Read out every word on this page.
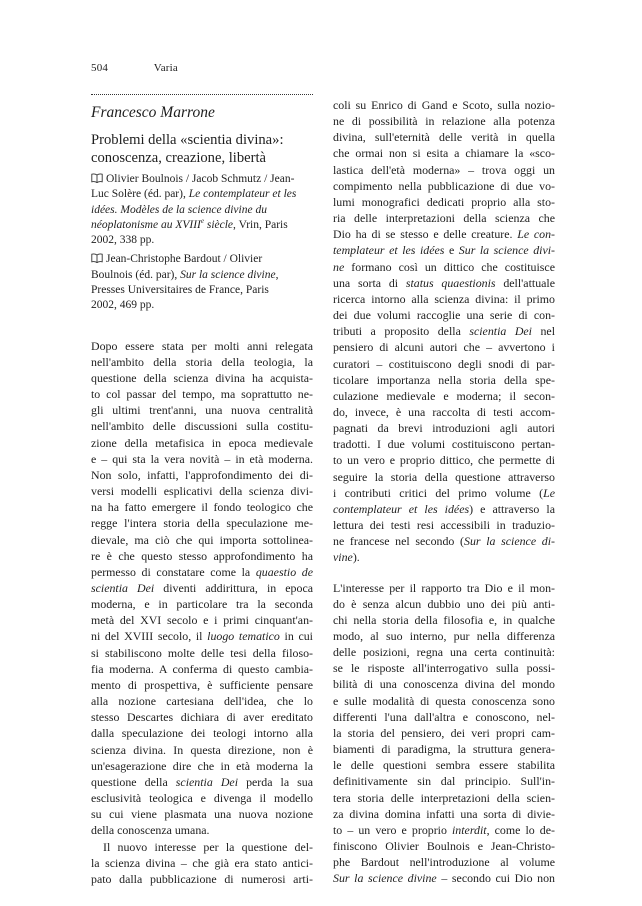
504	Varia

Francesco Marrone

Problemi della «scientia divina»:
conoscenza, creazione, libertà
Olivier Boulnois / Jacob Schmutz / Jean-
Luc Solère (éd. par), Le contemplateur et les
idées. Modèles de la science divine du
néoplatonisme au XVIIIe siècle, Vrin, Paris
2002, 338 pp.
Jean-Christophe Bardout / Olivier
Boulnois (éd. par), Sur la science divine,
Presses Universitaires de France, Paris
2002, 469 pp.
Dopo essere stata per molti anni relegata
nell'ambito della storia della teologia, la
questione della scienza divina ha acquista-
to col passar del tempo, ma soprattutto ne-
gli ultimi trent'anni, una nuova centralità
nell'ambito delle discussioni sulla costitu-
zione della metafisica in epoca medievale
e – qui sta la vera novità – in età moderna.
Non solo, infatti, l'approfondimento dei di-
versi modelli esplicativi della scienza divi-
na ha fatto emergere il fondo teologico che
regge l'intera storia della speculazione me-
dievale, ma ciò che qui importa sottolinea-
re è che questo stesso approfondimento ha
permesso di constatare come la quaestio de
scientia Dei diventi addirittura, in epoca
moderna, e in particolare tra la seconda
metà del XVI secolo e i primi cinquant'an-
ni del XVIII secolo, il luogo tematico in cui
si stabiliscono molte delle tesi della filoso-
fia moderna. A conferma di questo cambia-
mento di prospettiva, è sufficiente pensare
alla nozione cartesiana dell'idea, che lo
stesso Descartes dichiara di aver ereditato
dalla speculazione dei teologi intorno alla
scienza divina. In questa direzione, non è
un'esagerazione dire che in età moderna la
questione della scientia Dei perda la sua
esclusività teologica e divenga il modello
su cui viene plasmata una nuova nozione
della conoscenza umana.
Il nuovo interesse per la questione del-
la scienza divina – che già era stato antici-
pato dalla pubblicazione di numerosi arti-
coli su Enrico di Gand e Scoto, sulla nozio-
ne di possibilità in relazione alla potenza
divina, sull'eternità delle verità in quella
che ormai non si esita a chiamare la «sco-
lastica dell'età moderna» – trova oggi un
compimento nella pubblicazione di due vo-
lumi monografici dedicati proprio alla sto-
ria delle interpretazioni della scienza che
Dio ha di se stesso e delle creature. Le con-
templateur et les idées e Sur la science divi-
ne formano così un dittico che costituisce
una sorta di status quaestionis dell'attuale
ricerca intorno alla scienza divina: il primo
dei due volumi raccoglie una serie di con-
tributi a proposito della scientia Dei nel
pensiero di alcuni autori che – avvertono i
curatori – costituiscono degli snodi di par-
ticolare importanza nella storia della spe-
culazione medievale e moderna; il secon-
do, invece, è una raccolta di testi accom-
pagnati da brevi introduzioni agli autori
tradotti. I due volumi costituiscono pertan-
to un vero e proprio dittico, che permette di
seguire la storia della questione attraverso
i contributi critici del primo volume (Le
contemplateur et les idées) e attraverso la
lettura dei testi resi accessibili in traduzio-
ne francese nel secondo (Sur la science di-
vine).
L'interesse per il rapporto tra Dio e il mon-
do è senza alcun dubbio uno dei più anti-
chi nella storia della filosofia e, in qualche
modo, al suo interno, pur nella differenza
delle posizioni, regna una certa continuità:
se le risposte all'interrogativo sulla possi-
bilità di una conoscenza divina del mondo
e sulle modalità di questa conoscenza sono
differenti l'una dall'altra e conoscono, nel-
la storia del pensiero, dei veri propri cam-
biamenti di paradigma, la struttura genera-
le delle questioni sembra essere stabilita
definitivamente sin dal principio. Sull'in-
tera storia delle interpretazioni della scien-
za divina domina infatti una sorta di divie-
to – un vero e proprio interdit, come lo de-
finiscono Olivier Boulnois e Jean-Christo-
phe Bardout nell'introduzione al volume
Sur la science divine – secondo cui Dio non
